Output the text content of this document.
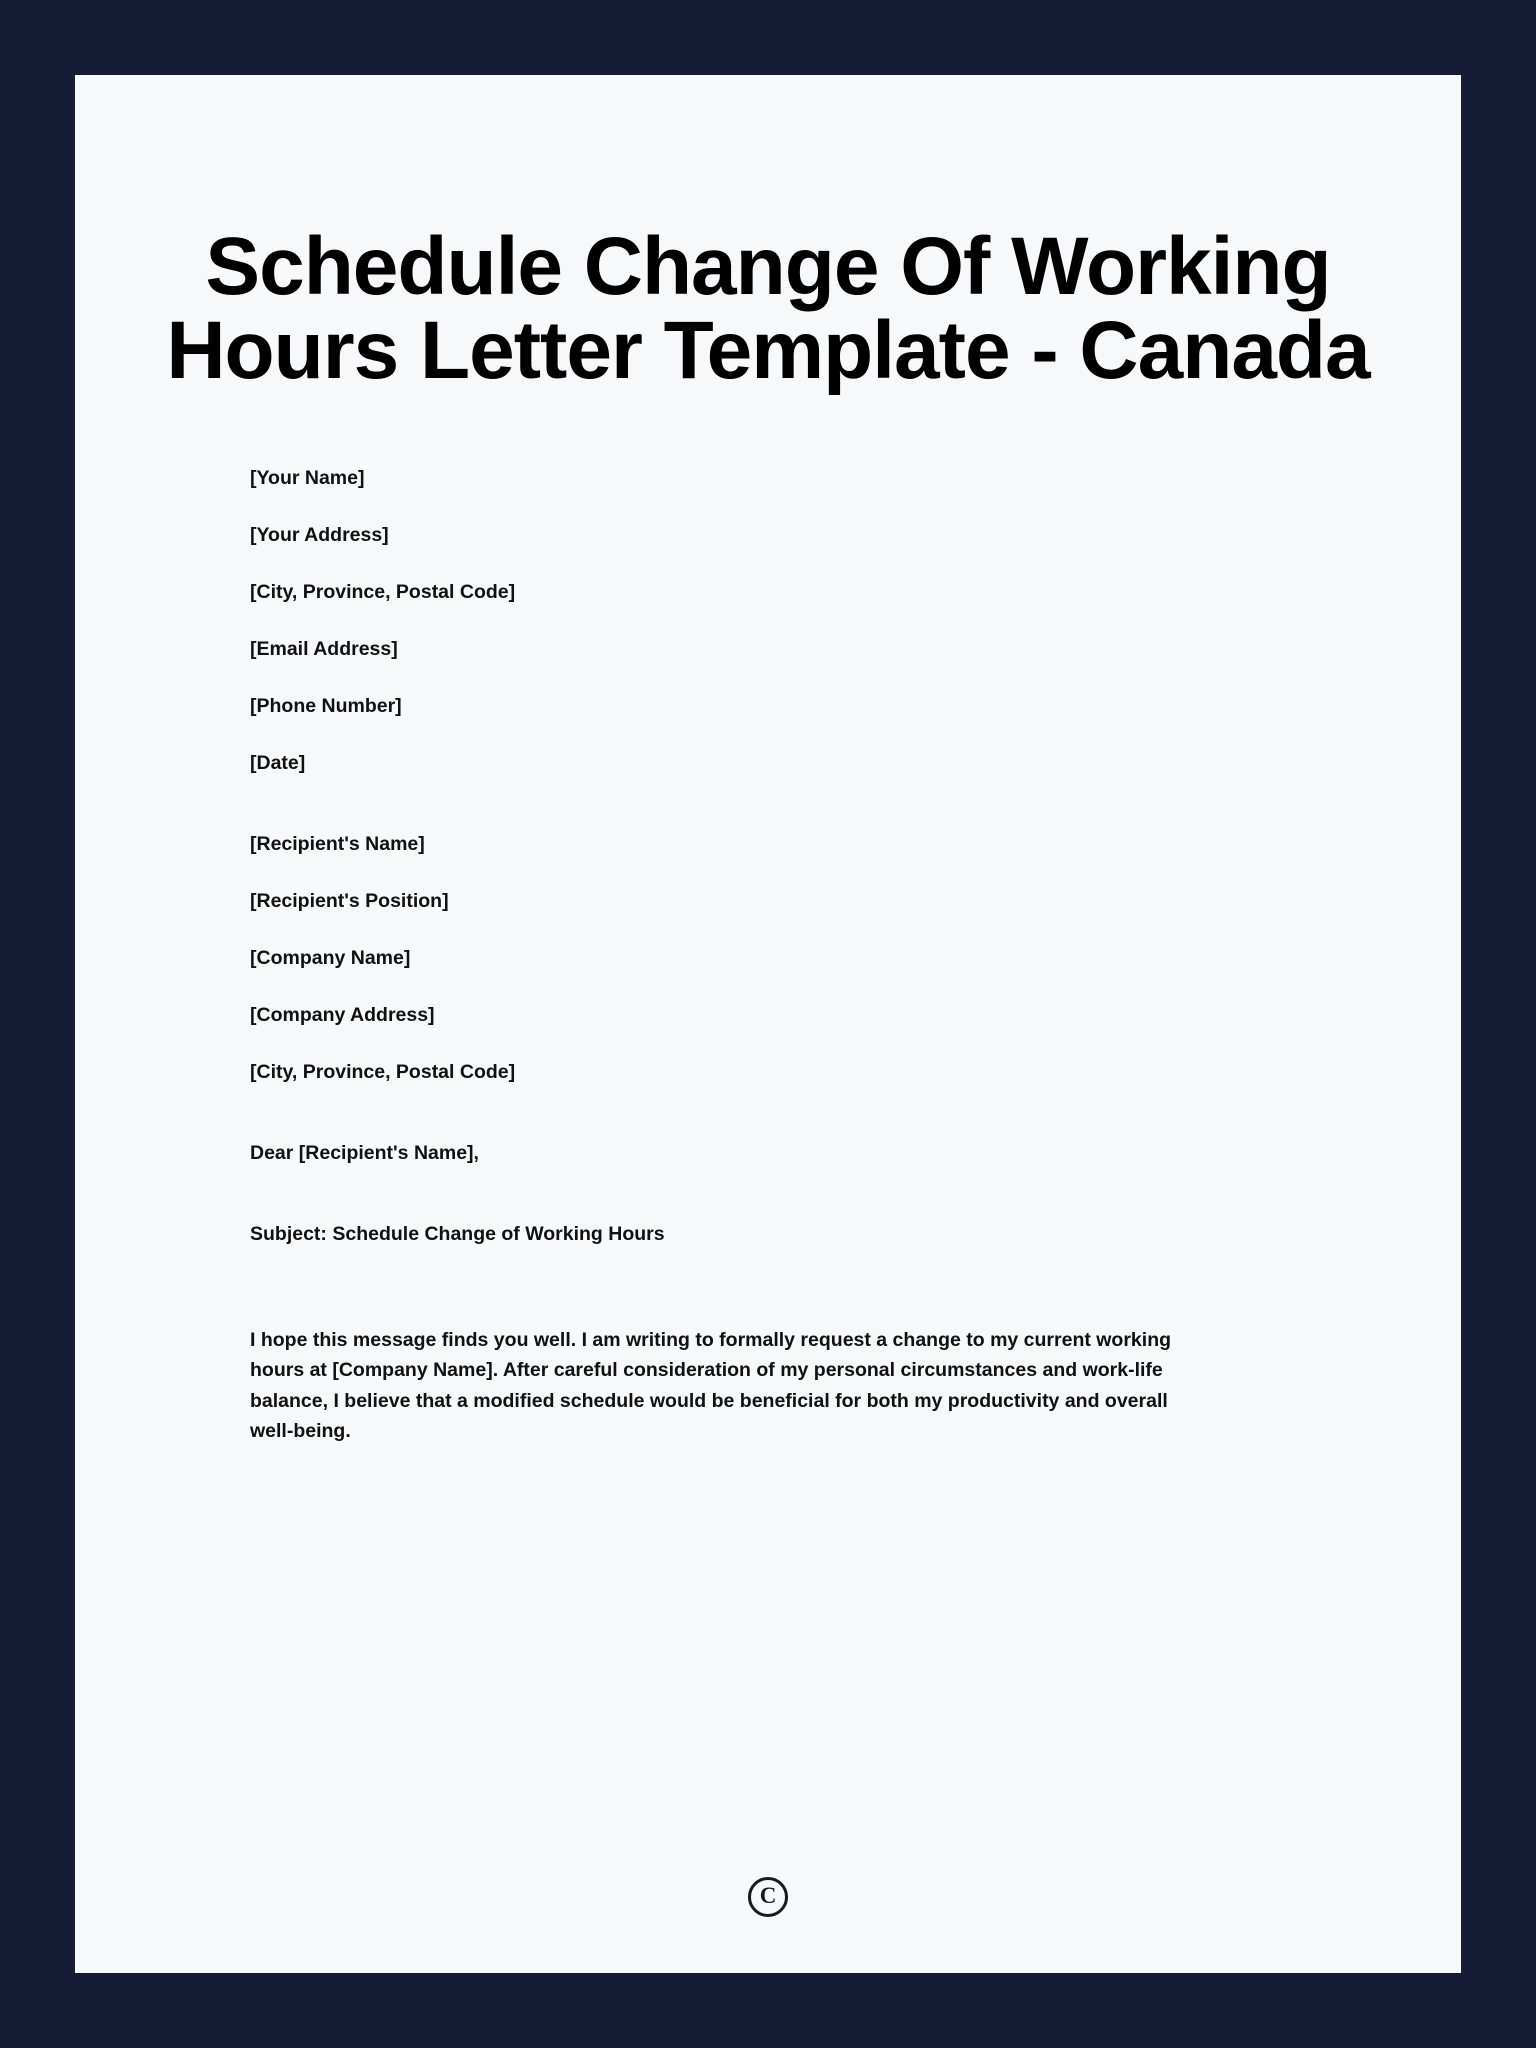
Schedule Change Of Working Hours Letter Template - Canada

[Your Name]

[Your Address]

[City, Province, Postal Code]

[Email Address]

[Phone Number]

[Date]

[Recipient's Name]

[Recipient's Position]

[Company Name]

[Company Address]

[City, Province, Postal Code]

Dear [Recipient's Name],

Subject: Schedule Change of Working Hours

I hope this message finds you well. I am writing to formally request a change to my current working hours at [Company Name]. After careful consideration of my personal circumstances and work-life balance, I believe that a modified schedule would be beneficial for both my productivity and overall well-being.

C
